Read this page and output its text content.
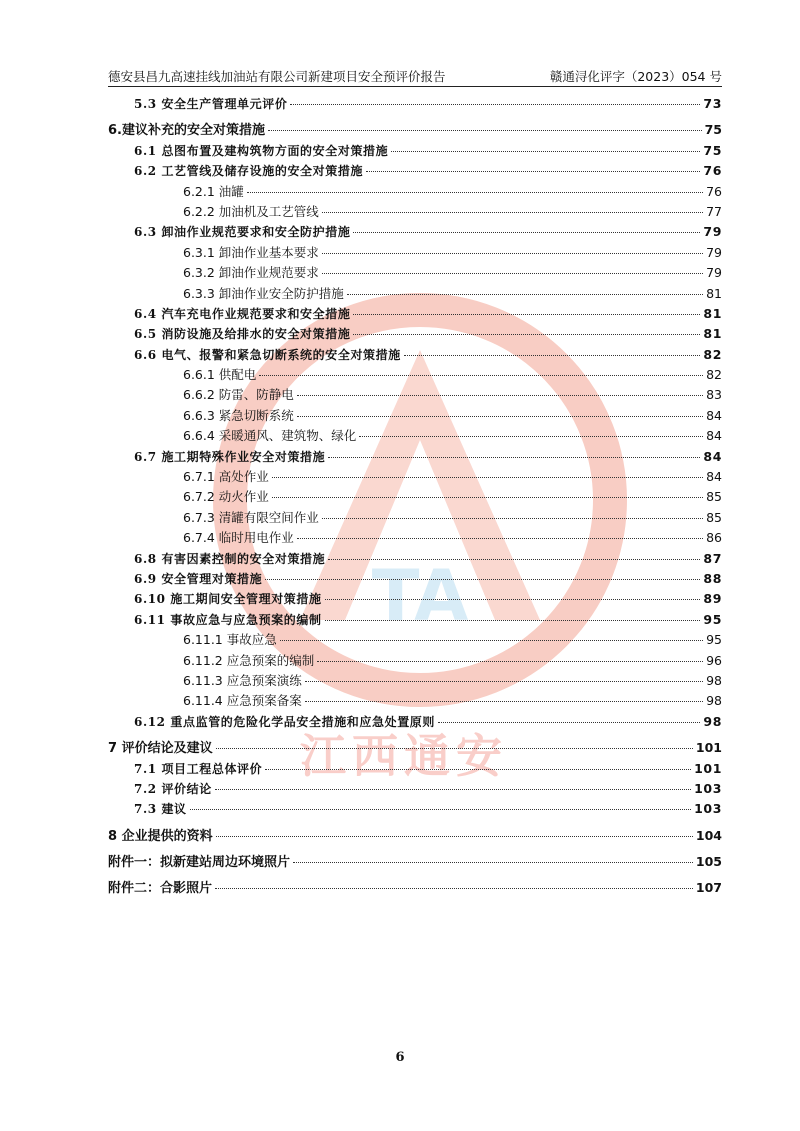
德安县昌九高速挂线加油站有限公司新建项目安全预评价报告	赣通浔化评字（2023）054 号
TA
江西通安
5.3 安全生产管理单元评价	73
6.建议补充的安全对策措施	75
6.1 总图布置及建构筑物方面的安全对策措施	75
6.2 工艺管线及储存设施的安全对策措施	76
6.2.1 油罐	76
6.2.2 加油机及工艺管线	77
6.3 卸油作业规范要求和安全防护措施	79
6.3.1 卸油作业基本要求	79
6.3.2 卸油作业规范要求	79
6.3.3 卸油作业安全防护措施	81
6.4 汽车充电作业规范要求和安全措施	81
6.5 消防设施及给排水的安全对策措施	81
6.6 电气、报警和紧急切断系统的安全对策措施	82
6.6.1 供配电	82
6.6.2 防雷、防静电	83
6.6.3 紧急切断系统	84
6.6.4 采暖通风、建筑物、绿化	84
6.7 施工期特殊作业安全对策措施	84
6.7.1 高处作业	84
6.7.2 动火作业	85
6.7.3 清罐有限空间作业	85
6.7.4 临时用电作业	86
6.8 有害因素控制的安全对策措施	87
6.9 安全管理对策措施	88
6.10 施工期间安全管理对策措施	89
6.11 事故应急与应急预案的编制	95
6.11.1 事故应急	95
6.11.2 应急预案的编制	96
6.11.3 应急预案演练	98
6.11.4 应急预案备案	98
6.12 重点监管的危险化学品安全措施和应急处置原则	98
7 评价结论及建议	101
7.1 项目工程总体评价	101
7.2 评价结论	103
7.3 建议	103
8 企业提供的资料	104
附件一：拟新建站周边环境照片	105
附件二：合影照片	107
6
